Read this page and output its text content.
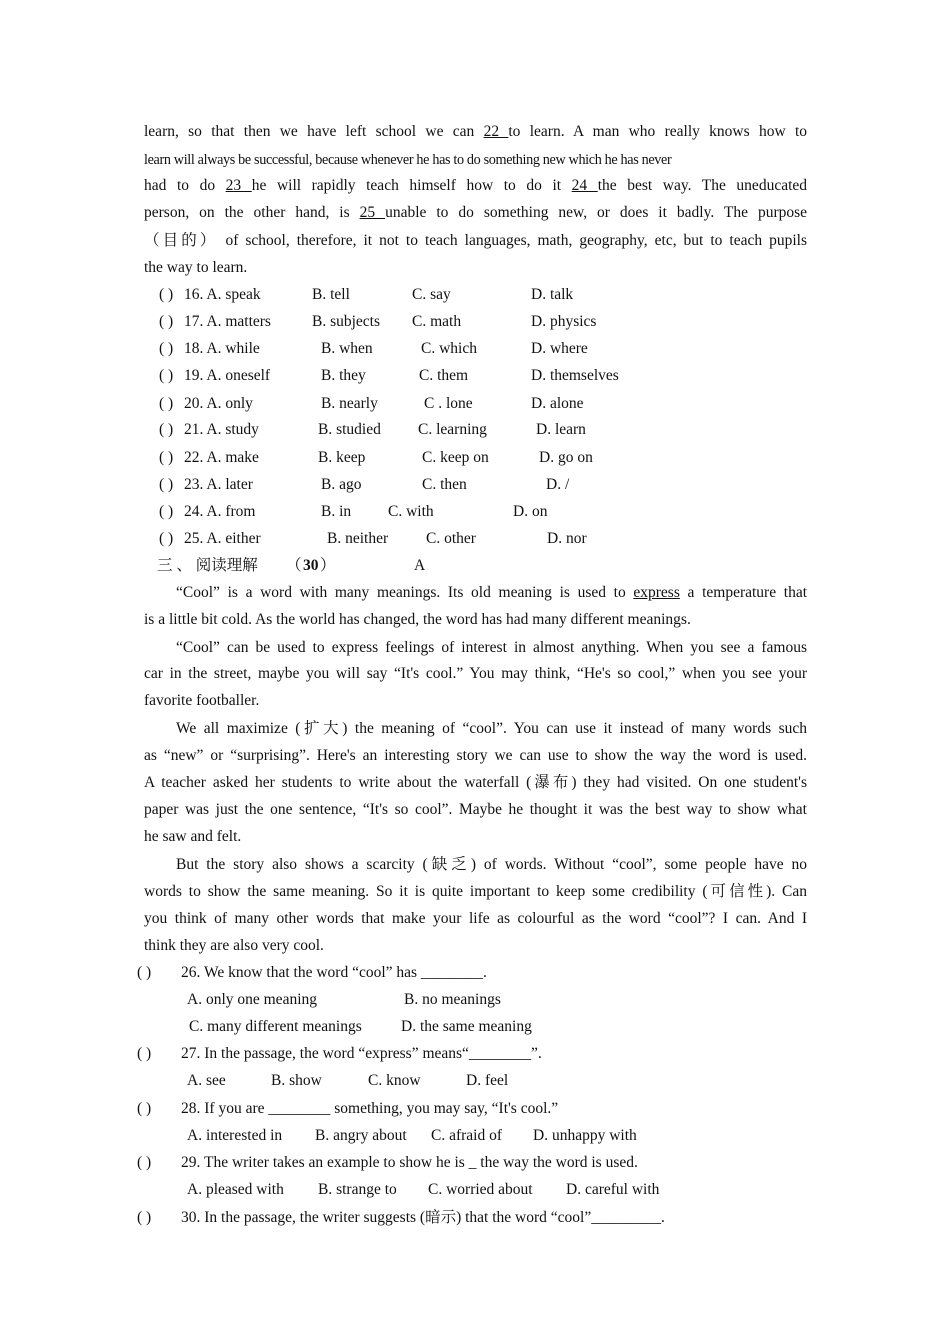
learn, so that then we have left school we can 22 to learn. A man who really knows how to
learn will always be successful, because whenever he has to do something new which he has never
had to do 23 he will rapidly teach himself how to do it 24 the best way. The uneducated
person, on the other hand, is 25 unable to do something new, or does it badly. The purpose
（目的） of school, therefore, it not to teach languages, math, geography, etc, but to teach pupils
the way to learn.
( ) 16. A. speak	B. tell	C. say	D. talk
( ) 17. A. matters	B. subjects C. math	D. physics
( ) 18. A. while	B. when	C. which	D. where
( ) 19. A. oneself	B. they	C. them	D. themselves
( ) 20. A. only	B. nearly	C . lone	D. alone
( ) 21. A. study	B. studied C. learning	D. learn
( ) 22. A. make	B. keep	C. keep on	D. go on
( ) 23. A. later	B. ago	C. then	D. /
( ) 24. A. from	B. in C. with	D. on
( ) 25. A. either	B. neither C. other	D. nor
三 、 阅读理解 （ 30 ）	A
“Cool” is a word with many meanings. Its old meaning is used to express a temperature that
is a little bit cold. As the world has changed, the word has had many different meanings.
“Cool” can be used to express feelings of interest in almost anything. When you see a famous
car in the street, maybe you will say “It's cool.” You may think, “He's so cool,” when you see your
favorite footballer.
We all maximize (扩大) the meaning of “cool”. You can use it instead of many words such
as “new” or “surprising”. Here's an interesting story we can use to show the way the word is used.
A teacher asked her students to write about the waterfall (瀑布) they had visited. On one student's
paper was just the one sentence, “It's so cool”. Maybe he thought it was the best way to show what
he saw and felt.
But the story also shows a scarcity (缺乏) of words. Without “cool”, some people have no
words to show the same meaning. So it is quite important to keep some credibility (可信性). Can
you think of many other words that make your life as colourful as the word “cool”? I can. And I
think they are also very cool.
( ) 26. We know that the word “cool” has ________.
A. only one meaning	B. no meanings
C. many different meanings	D. the same meaning
( ) 27. In the passage, the word “express” means“________”.
A. see	B. show	C. know	D. feel
( ) 28. If you are ________ something, you may say, “It's cool.”
A. interested in B. angry about C. afraid of D. unhappy with
( ) 29. The writer takes an example to show he is _ the way the word is used.
A. pleased with B. strange to C. worried about D. careful with
( ) 30. In the passage, the writer suggests (暗示) that the word “cool”_________.
